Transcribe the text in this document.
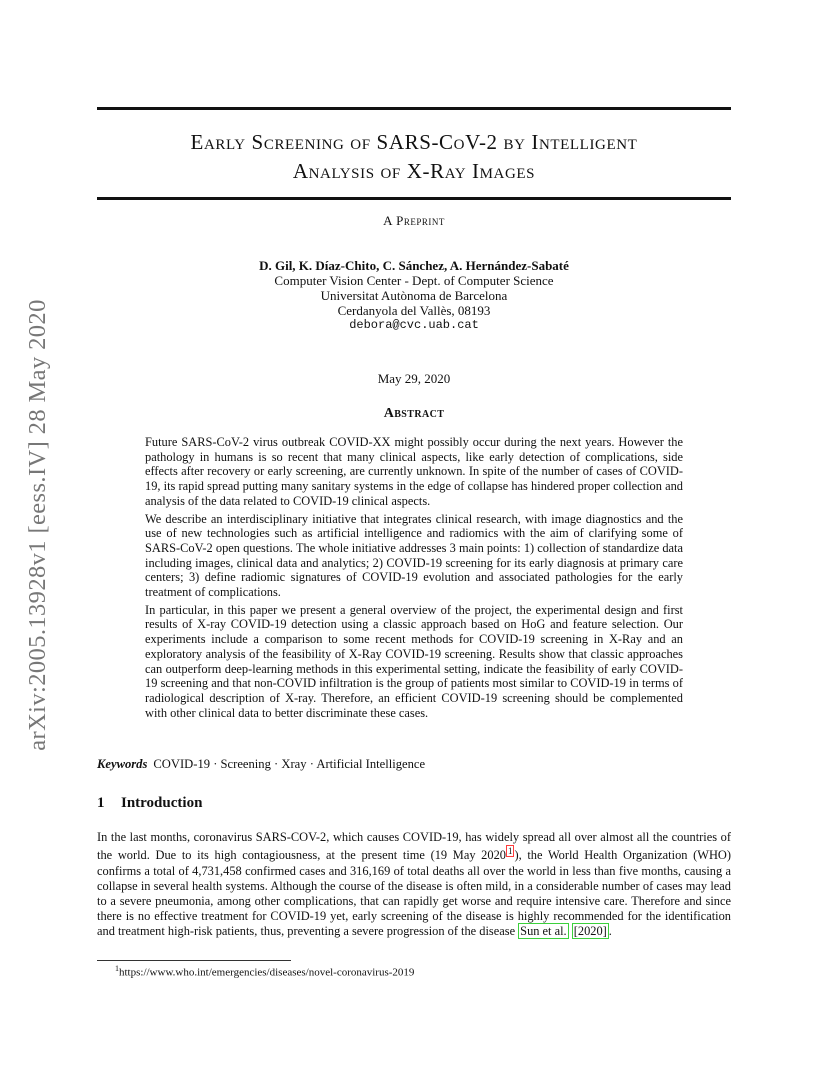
arXiv:2005.13928v1 [eess.IV] 28 May 2020
Early Screening of SARS-CoV-2 by Intelligent
Analysis of X-Ray Images
A Preprint
D. Gil, K. Díaz-Chito, C. Sánchez, A. Hernández-Sabaté
Computer Vision Center - Dept. of Computer Science
Universitat Autònoma de Barcelona
Cerdanyola del Vallès, 08193
debora@cvc.uab.cat
May 29, 2020
Abstract

Future SARS-CoV-2 virus outbreak COVID-XX might possibly occur during the next years. However the pathology in humans is so recent that many clinical aspects, like early detection of complications, side effects after recovery or early screening, are currently unknown. In spite of the number of cases of COVID-19, its rapid spread putting many sanitary systems in the edge of collapse has hindered proper collection and analysis of the data related to COVID-19 clinical aspects.

We describe an interdisciplinary initiative that integrates clinical research, with image diagnostics and the use of new technologies such as artificial intelligence and radiomics with the aim of clarifying some of SARS-CoV-2 open questions. The whole initiative addresses 3 main points: 1) collection of standardize data including images, clinical data and analytics; 2) COVID-19 screening for its early diagnosis at primary care centers; 3) define radiomic signatures of COVID-19 evolution and associated pathologies for the early treatment of complications.

In particular, in this paper we present a general overview of the project, the experimental design and first results of X-ray COVID-19 detection using a classic approach based on HoG and feature selection. Our experiments include a comparison to some recent methods for COVID-19 screening in X-Ray and an exploratory analysis of the feasibility of X-Ray COVID-19 screening. Results show that classic approaches can outperform deep-learning methods in this experimental setting, indicate the feasibility of early COVID-19 screening and that non-COVID infiltration is the group of patients most similar to COVID-19 in terms of radiological description of X-ray. Therefore, an efficient COVID-19 screening should be complemented with other clinical data to better discriminate these cases.

Keywords COVID-19 · Screening · Xray · Artificial Intelligence
1 Introduction

In the last months, coronavirus SARS-COV-2, which causes COVID-19, has widely spread all over almost all the countries of the world. Due to its high contagiousness, at the present time (19 May 2020 1 ), the World Health Organization (WHO) confirms a total of 4,731,458 confirmed cases and 316,169 of total deaths all over the world in less than five months, causing a collapse in several health systems. Although the course of the disease is often mild, in a considerable number of cases may lead to a severe pneumonia, among other complications, that can rapidly get worse and require intensive care. Therefore and since there is no effective treatment for COVID-19 yet, early screening of the disease is highly recommended for the identification and treatment high-risk patients, thus, preventing a severe progression of the disease Sun et al. [2020] .

$^1$https://www.who.int/emergencies/diseases/novel-coronavirus-2019
